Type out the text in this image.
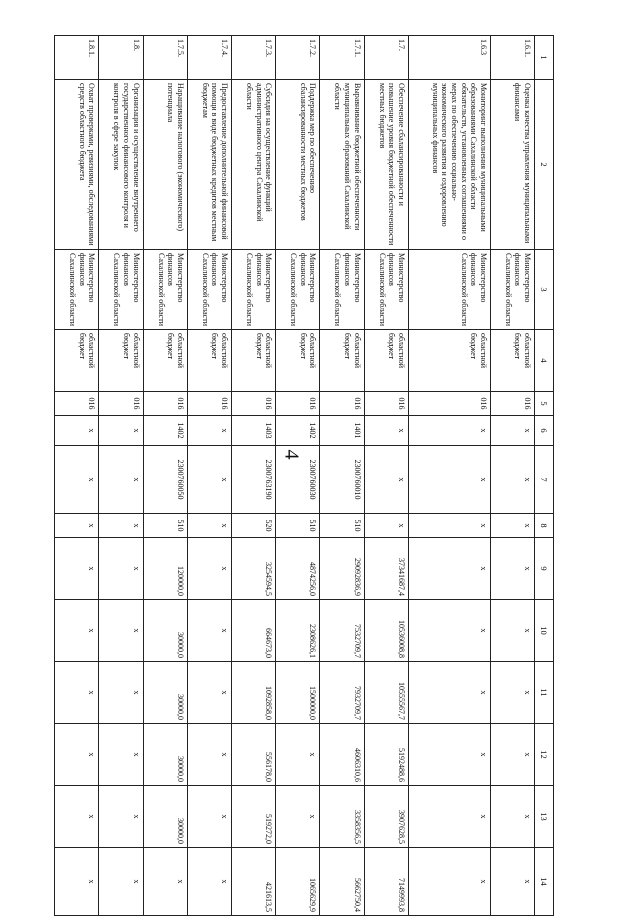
4
1	2	3	4	5	6	7	8	9	10	11	12	13	14
1.6.1.	Оценка качества управления муниципальными финансами	Министерство финансов Сахалинской области	областной бюджет	016	x	x	x	x	x	x	x	x	x
1.6.3	Мониторинг выполнения муниципальными образованиями Сахалинской области обязательств, установленных соглашениями о мерах по обеспечению социально-экономического развития и оздоровлению муниципальных финансов	Министерство финансов Сахалинской области	областной бюджет	016	x	x	x	x	x	x	x	x	x
1.7.	Обеспечение сбалансированности и повышение уровня бюджетной обеспеченности местных бюджетов	Министерство финансов Сахалинской области	областной бюджет	016	x	x	x	37341687,4	10536008,8	10555567,7	5192488,6	3907628,5	7149993,8
1.7.1.	Выравнивание бюджетной обеспеченности муниципальных образований Сахалинской области	Министерство финансов Сахалинской области	областной бюджет	016	1401	2300760010	510	29092836,9	7532709,7	7932709,7	4606310,6	3358356,5	5662750,4
1.7.2.	Поддержка мер по обеспечению сбалансированности местных бюджетов	Министерство финансов Сахалинской области	областной бюджет	016	1402	2300760030	510	4874256,0	2308626,1	1500000,0	x	x	1065629,9
1.7.3.	Субсидия на осуществление функций административного центра Сахалинской области	Министерство финансов Сахалинской области	областной бюджет	016	1403	2300763190	520	3254594,5	664673,0	1092858,0	556178,0	519272,0	421613,5
1.7.4.	Предоставление дополнительной финансовой помощи в виде бюджетных кредитов местным бюджетам	Министерство финансов Сахалинской области	областной бюджет	016	x	x	x	x	x	x	x	x	x
1.7.5.	Наращивание налогового (экономического) потенциала	Министерство финансов Сахалинской области	областной бюджет	016	1402	2300760050	510	120000,0	30000,0	30000,0	30000,0	30000,0	x
1.8.	Организация и осуществление внутреннего государственного финансового контроля и контроля в сфере закупок	Министерство финансов Сахалинской области	областной бюджет	016	x	x	x	x	x	x	x	x	x
1.8.1.	Охват проверками, ревизиями, обследованиями средств областного бюджета	Министерство финансов Сахалинской области	областной бюджет	016	x	x	x	x	x	x	x	x	x
